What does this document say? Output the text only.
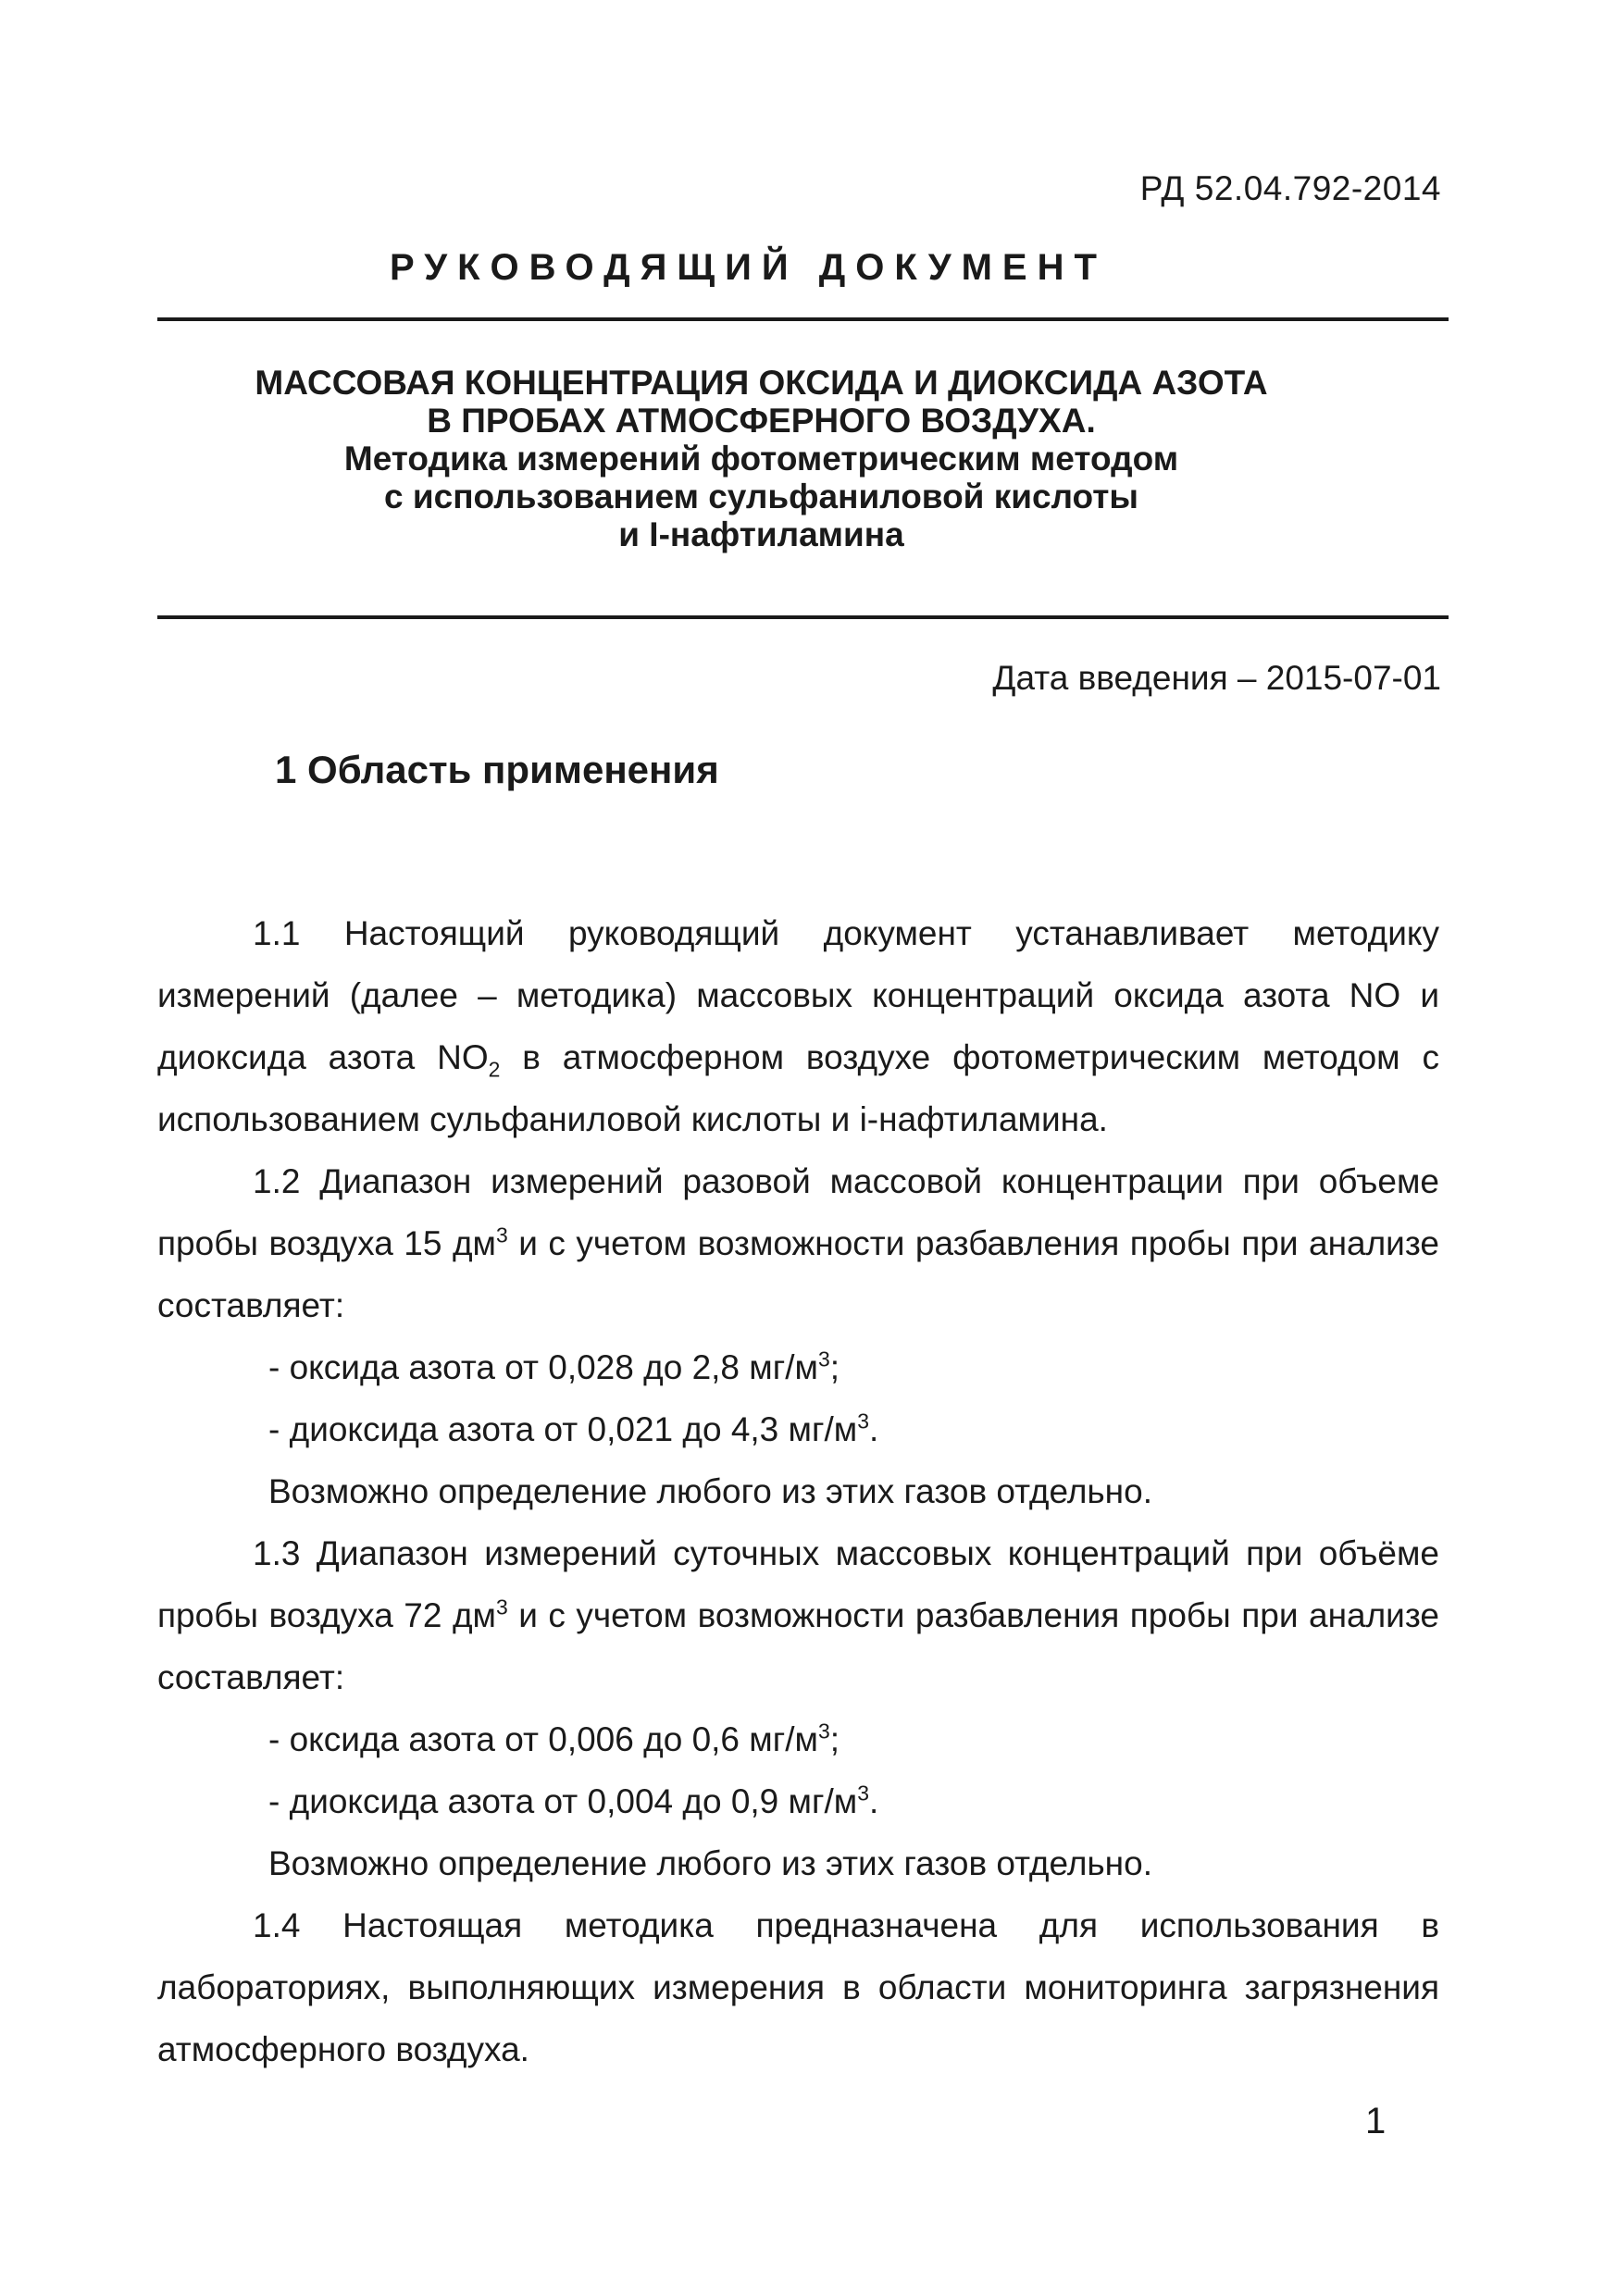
РД 52.04.792-2014
РУКОВОДЯЩИЙ ДОКУМЕНТ
МАССОВАЯ КОНЦЕНТРАЦИЯ ОКСИДА И ДИОКСИДА АЗОТА
В ПРОБАХ АТМОСФЕРНОГО ВОЗДУХА.
Методика измерений фотометрическим методом
с использованием сульфаниловой кислоты
и I-нафтиламина
Дата введения – 2015-07-01
1 Область применения

1.1 Настоящий руководящий документ устанавливает методику измерений (далее – методика) массовых концентраций оксида азота NO и диоксида азота $NO_2$ в атмосферном воздухе фотометрическим методом с использованием сульфаниловой кислоты и i-нафтиламина.

1.2 Диапазон измерений разовой массовой концентрации при объеме пробы воздуха 15 $дм^3$ и с учетом возможности разбавления пробы при анализе составляет:

- оксида азота от 0,028 до 2,8 $мг/м^3$;

- диоксида азота от 0,021 до 4,3 $мг/м^3$.

Возможно определение любого из этих газов отдельно.

1.3 Диапазон измерений суточных массовых концентраций при объёме пробы воздуха 72 $дм^3$ и с учетом возможности разбавления пробы при анализе составляет:

- оксида азота от 0,006 до 0,6 $мг/м^3$;

- диоксида азота от 0,004 до 0,9 $мг/м^3$.

Возможно определение любого из этих газов отдельно.

1.4 Настоящая методика предназначена для использования в лабораториях, выполняющих измерения в области мониторинга загрязнения атмосферного воздуха.

1
